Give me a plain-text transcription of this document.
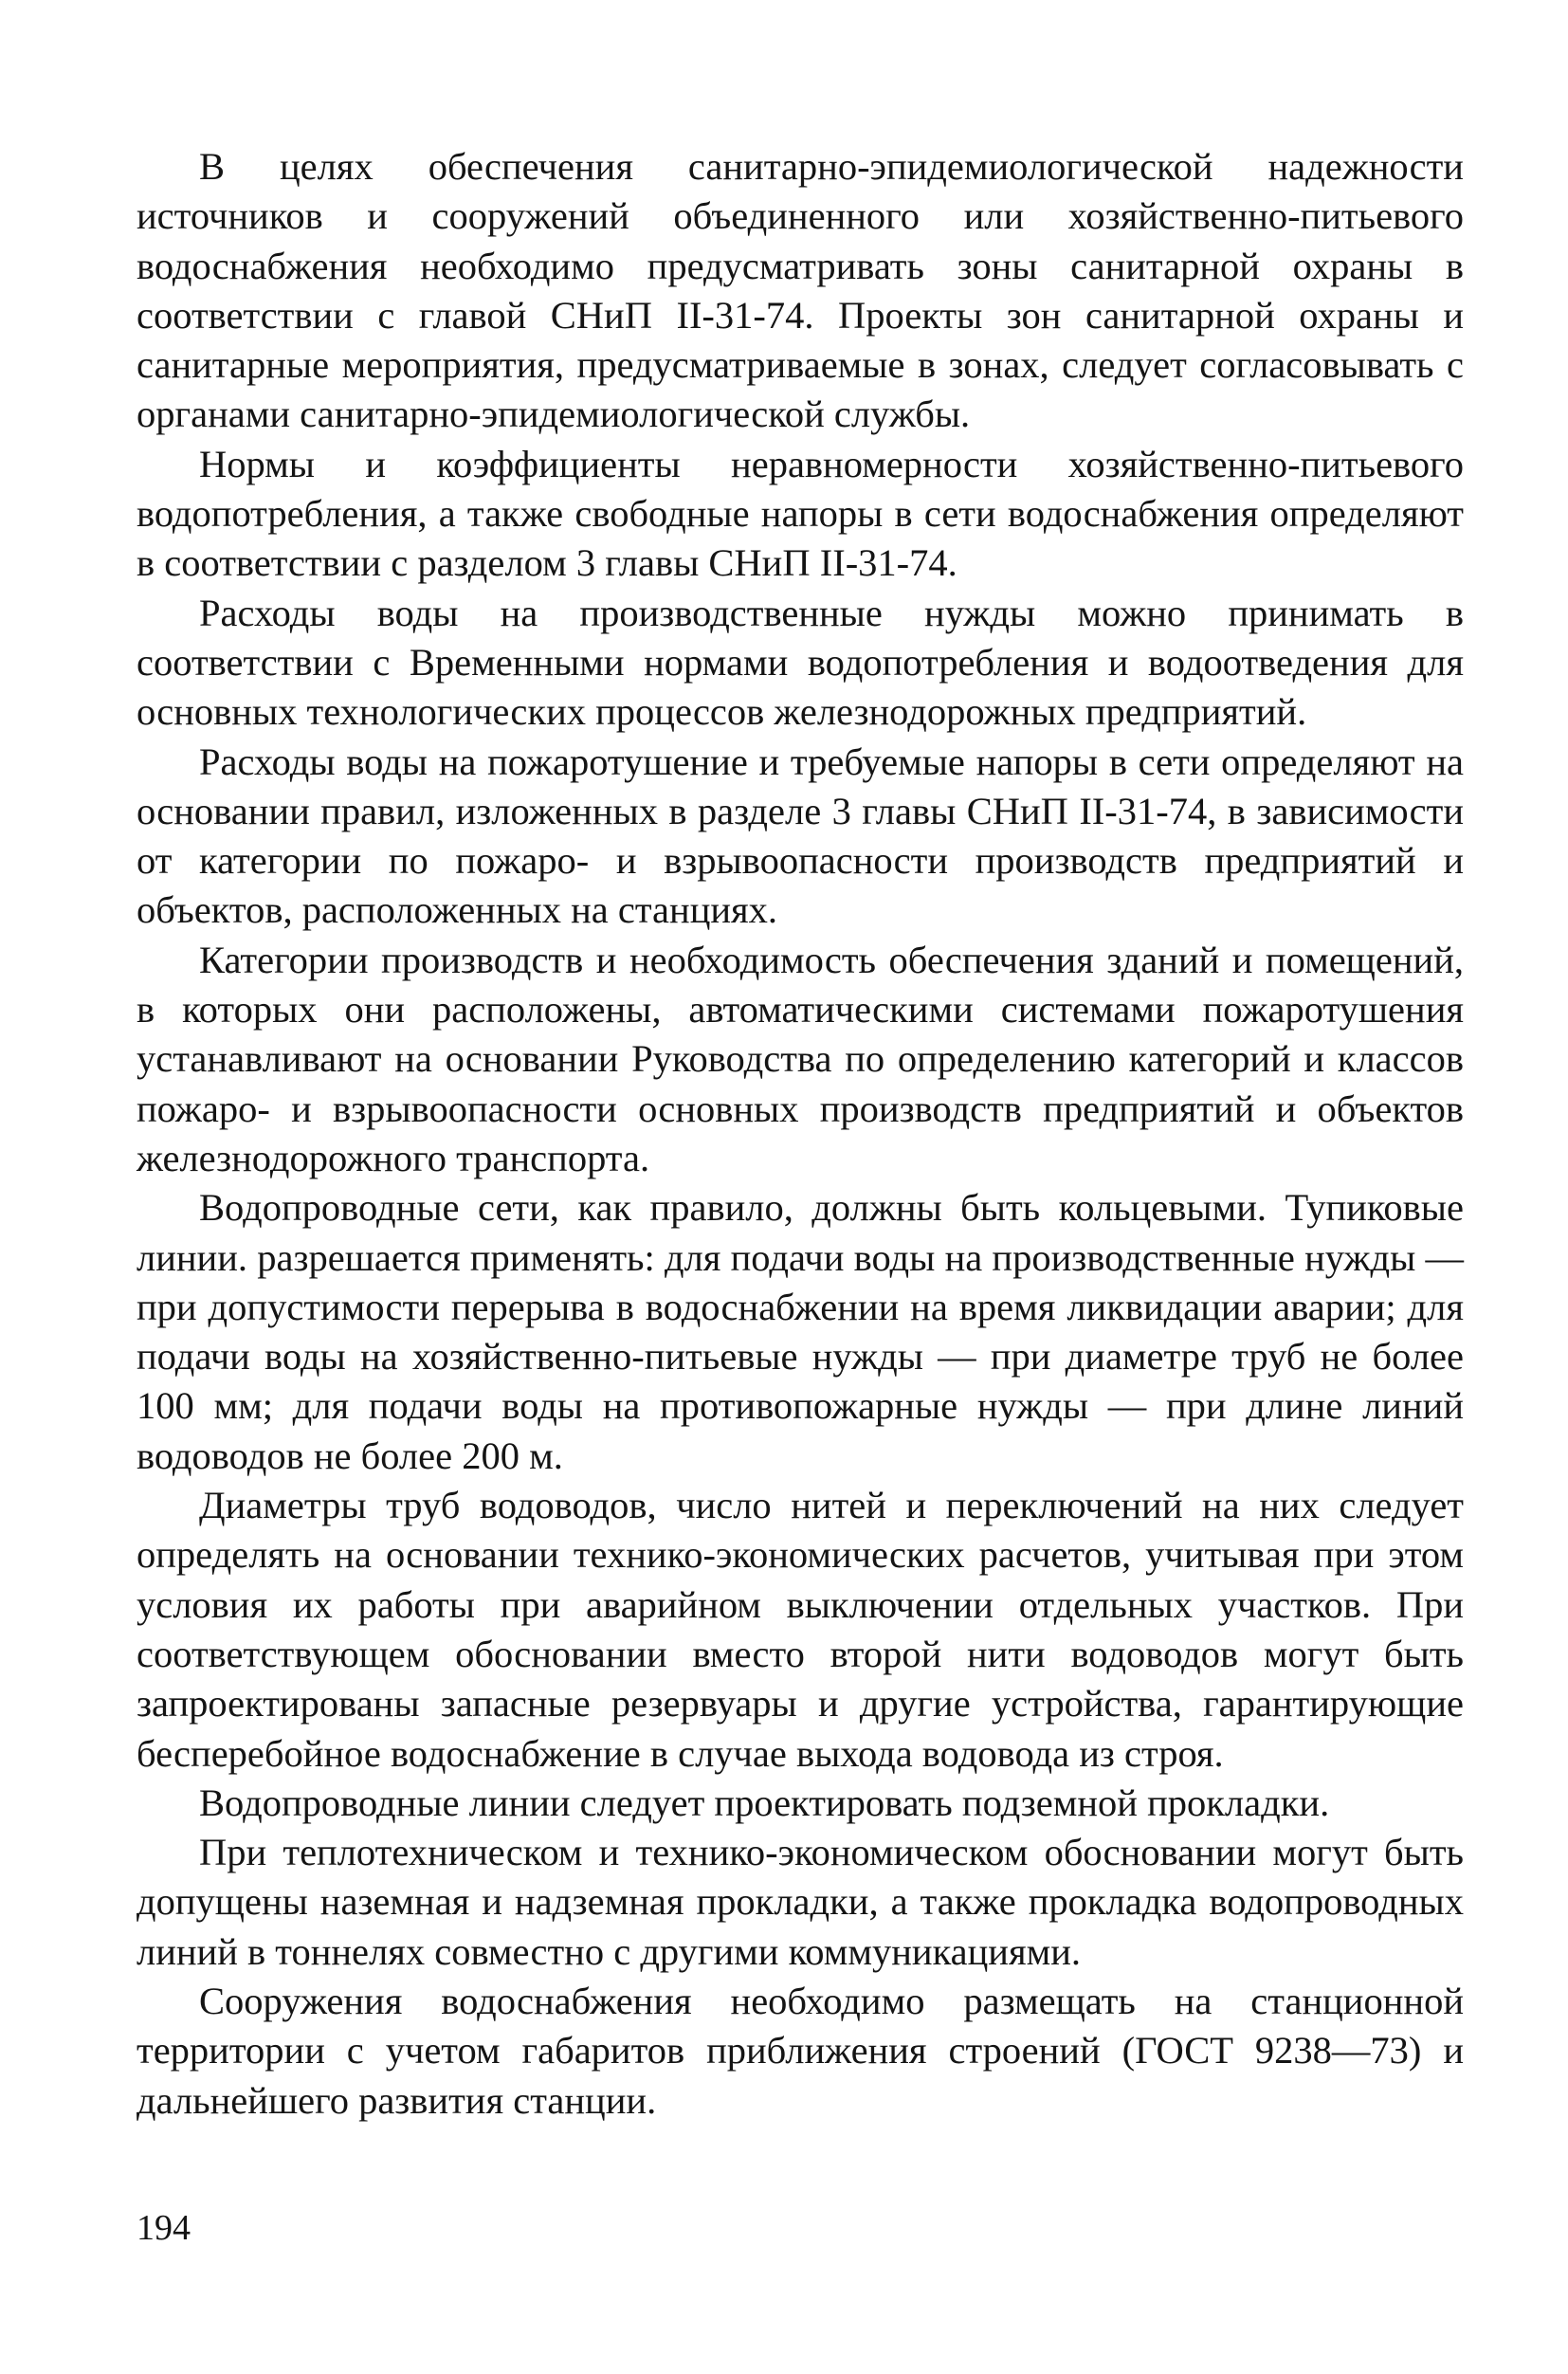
В целях обеспечения санитарно-эпидемиологической надежности источников и сооружений объединенного или хозяйственно-питьевого водоснабжения необходимо предусматривать зоны санитарной охраны в соответствии с главой СНиП II-31-74. Проекты зон санитарной охраны и санитарные мероприятия, предусматриваемые в зонах, следует согласовывать с органами санитарно-эпидемиологической службы.

Нормы и коэффициенты неравномерности хозяйственно-питьевого водопотребления, а также свободные напоры в сети водоснабжения определяют в соответствии с разделом 3 главы СНиП II-31-74.

Расходы воды на производственные нужды можно принимать в соответствии с Временными нормами водопотребления и водоотведения для основных технологических процессов железнодорожных предприятий.

Расходы воды на пожаротушение и требуемые напоры в сети определяют на основании правил, изложенных в разделе 3 главы СНиП II-31-74, в зависимости от категории по пожаро- и взрывоопасности производств предприятий и объектов, расположенных на станциях.

Категории производств и необходимость обеспечения зданий и помещений, в которых они расположены, автоматическими системами пожаротушения устанавливают на основании Руководства по определению категорий и классов пожаро- и взрывоопасности основных производств предприятий и объектов железнодорожного транспорта.

Водопроводные сети, как правило, должны быть кольцевыми. Тупиковые линии. разрешается применять: для подачи воды на производственные нужды — при допустимости перерыва в водоснабжении на время ликвидации аварии; для подачи воды на хозяйственно-питьевые нужды — при диаметре труб не более 100 мм; для подачи воды на противопожарные нужды — при длине линий водоводов не более 200 м.

Диаметры труб водоводов, число нитей и переключений на них следует определять на основании технико-экономических расчетов, учитывая при этом условия их работы при аварийном выключении отдельных участков. При соответствующем обосновании вместо второй нити водоводов могут быть запроектированы запасные резервуары и другие устройства, гарантирующие бесперебойное водоснабжение в случае выхода водовода из строя.

Водопроводные линии следует проектировать подземной прокладки.

При теплотехническом и технико-экономическом обосновании могут быть допущены наземная и надземная прокладки, а также прокладка водопроводных линий в тоннелях совместно с другими коммуникациями.

Сооружения водоснабжения необходимо размещать на станционной территории с учетом габаритов приближения строений (ГОСТ 9238—73) и дальнейшего развития станции.

194
